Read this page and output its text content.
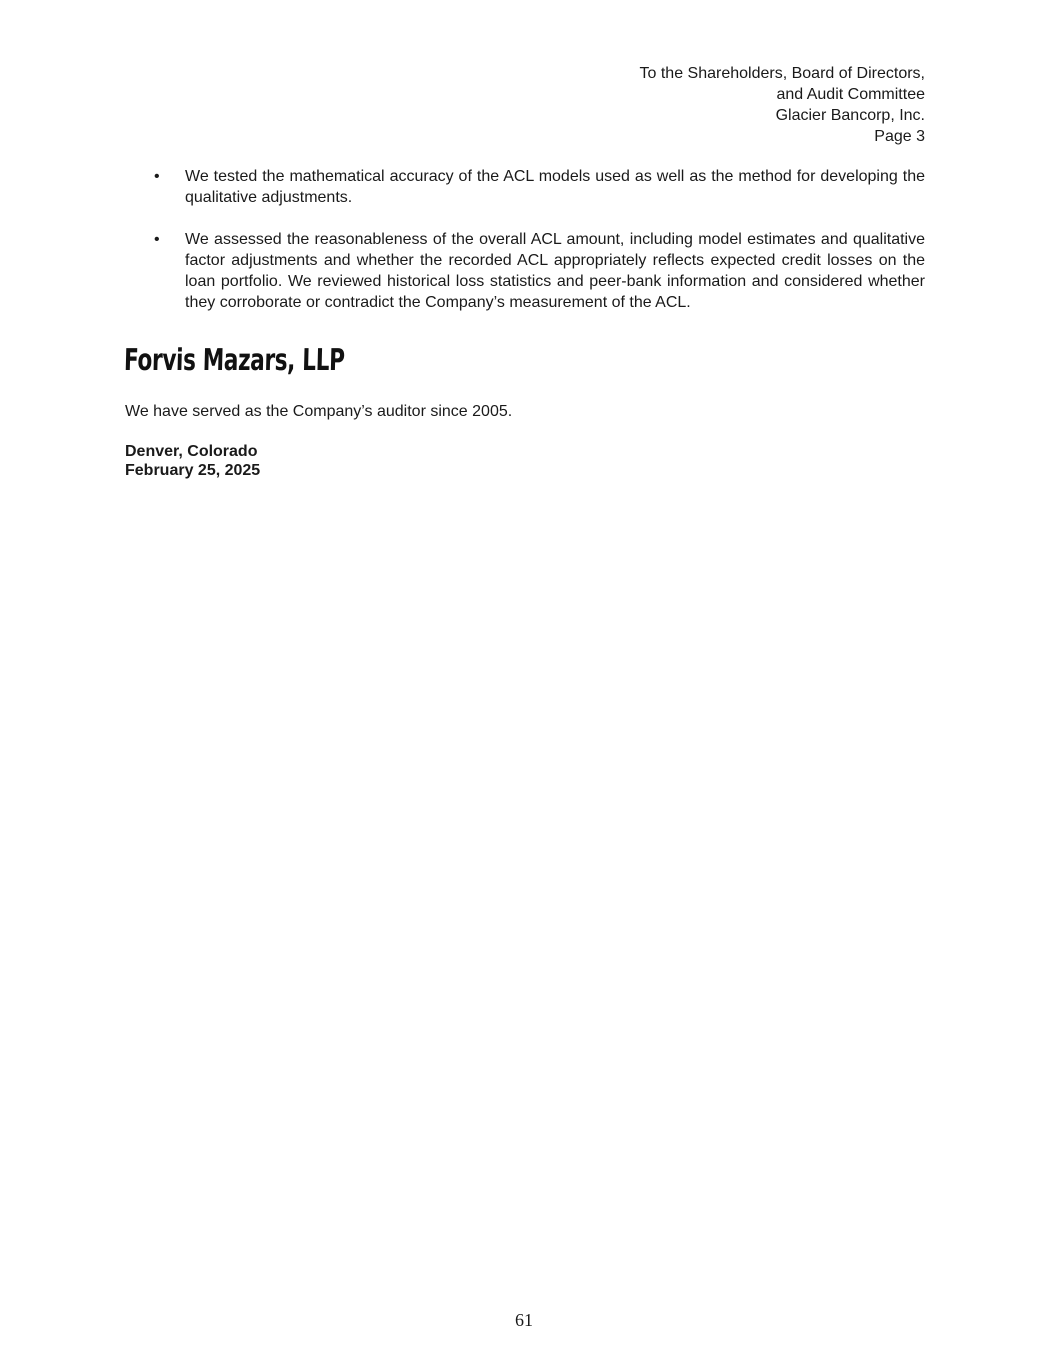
To the Shareholders, Board of Directors,
and Audit Committee
Glacier Bancorp, Inc.
Page 3
• We tested the mathematical accuracy of the ACL models used as well as the method for developing the qualitative adjustments.
• We assessed the reasonableness of the overall ACL amount, including model estimates and qualitative factor adjustments and whether the recorded ACL appropriately reflects expected credit losses on the loan portfolio. We reviewed historical loss statistics and peer-bank information and considered whether they corroborate or contradict the Company’s measurement of the ACL.
Forvis Mazars, LLP
We have served as the Company’s auditor since 2005.
Denver, Colorado
February 25, 2025
61
